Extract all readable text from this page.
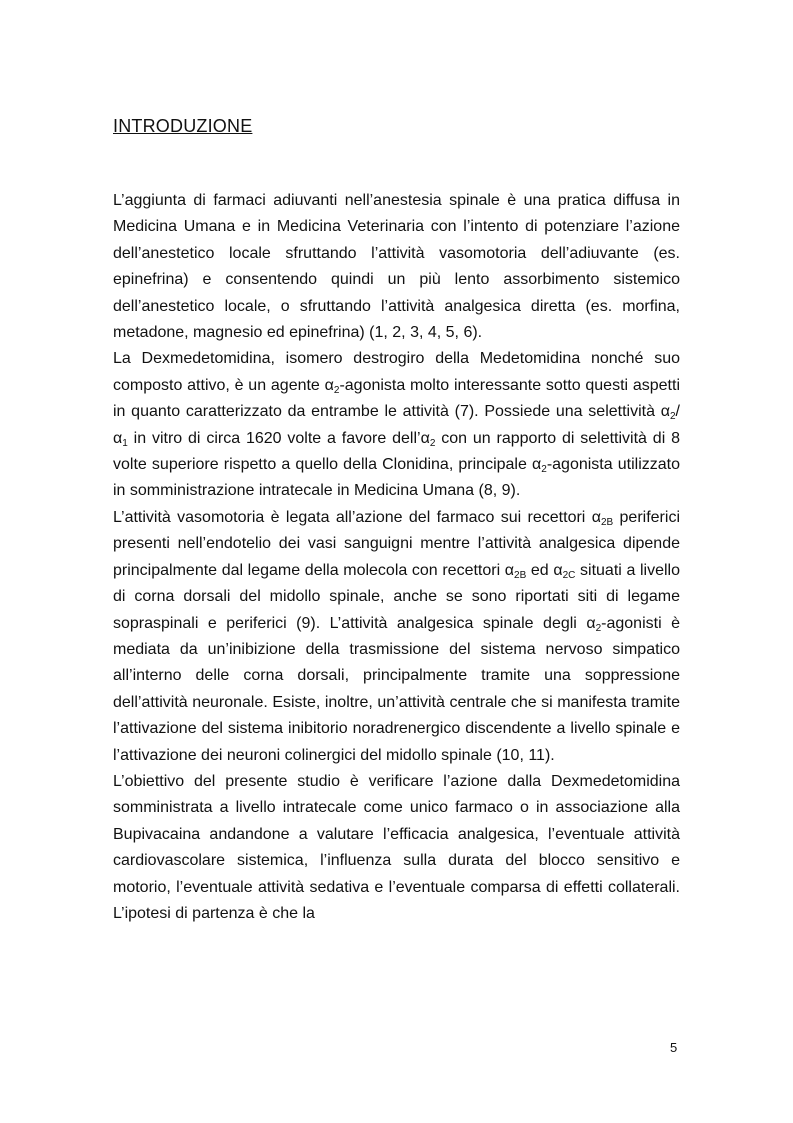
INTRODUZIONE

L’aggiunta di farmaci adiuvanti nell’anestesia spinale è una pratica diffusa in Medicina Umana e in Medicina Veterinaria con l’intento di potenziare l’azione dell’anestetico locale sfruttando l’attività vasomotoria dell’adiuvante (es. epinefrina) e consentendo quindi un più lento assorbimento sistemico dell’anestetico locale, o sfruttando l’attività analgesica diretta (es. morfina, metadone, magnesio ed epinefrina) (1, 2, 3, 4, 5, 6).

La Dexmedetomidina, isomero destrogiro della Medetomidina nonché suo composto attivo, è un agente $\alpha_2$-agonista molto interessante sotto questi aspetti in quanto caratterizzato da entrambe le attività (7). Possiede una selettività $\alpha_2/\alpha_1$ in vitro di circa 1620 volte a favore $dell’\alpha_2$ con un rapporto di selettività di 8 volte superiore rispetto a quello della Clonidina, principale $\alpha_2$-agonista utilizzato in somministrazione intratecale in Medicina Umana (8, 9).

L’attività vasomotoria è legata all’azione del farmaco sui recettori $\alpha_{2B}$ periferici presenti nell’endotelio dei vasi sanguigni mentre l’attività analgesica dipende principalmente dal legame della molecola con recettori $\alpha_{2B}$ ed $\alpha_{2C}$ situati a livello di corna dorsali del midollo spinale, anche se sono riportati siti di legame sopraspinali e periferici (9). L’attività analgesica spinale degli $\alpha_2$-agonisti è mediata da un’inibizione della trasmissione del sistema nervoso simpatico all’interno delle corna dorsali, principalmente tramite una soppressione dell’attività neuronale. Esiste, inoltre, un’attività centrale che si manifesta tramite l’attivazione del sistema inibitorio noradrenergico discendente a livello spinale e l’attivazione dei neuroni colinergici del midollo spinale (10, 11).

L’obiettivo del presente studio è verificare l’azione dalla Dexmedetomidina somministrata a livello intratecale come unico farmaco o in associazione alla Bupivacaina andandone a valutare l’efficacia analgesica, l’eventuale attività cardiovascolare sistemica, l’influenza sulla durata del blocco sensitivo e motorio, l’eventuale attività sedativa e l’eventuale comparsa di effetti collaterali. L’ipotesi di partenza è che la

5
